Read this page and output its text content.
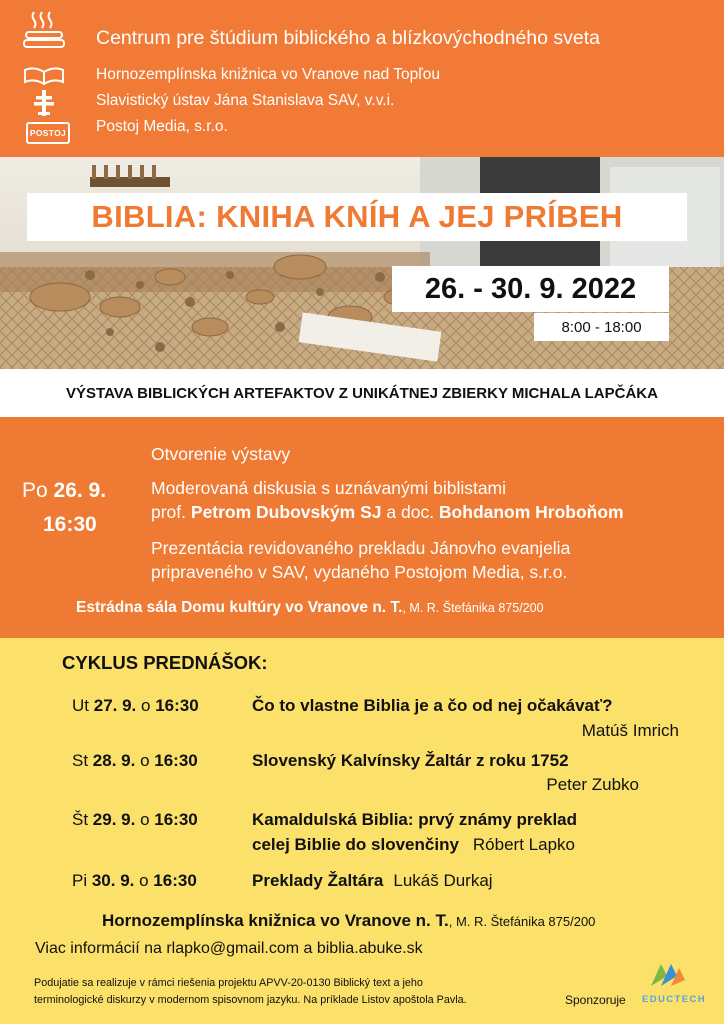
POSTOJ
Centrum pre štúdium biblického a blízkovýchodného sveta
Hornozemplínska knižnica vo Vranove nad Topľou
Slavistický ústav Jána Stanislava SAV, v.v.i.
Postoj Media, s.r.o.
BIBLIA: KNIHA KNÍH A JEJ PRÍBEH
26. - 30. 9. 2022
8:00 - 18:00
VÝSTAVA BIBLICKÝCH ARTEFAKTOV Z UNIKÁTNEJ ZBIERKY MICHALA LAPČÁKA
Po 26. 9.
16:30
Otvorenie výstavy
Moderovaná diskusia s uznávanými biblistami
prof. Petrom Dubovským SJ a doc. Bohdanom Hroboňom
Prezentácia revidovaného prekladu Jánovho evanjelia
pripraveného v SAV, vydaného Postojom Media, s.r.o.
Estrádna sála Domu kultúry vo Vranove n. T., M. R. Štefánika 875/200
CYKLUS PREDNÁŠOK:
Ut 27. 9. o 16:30	Čo to vlastne Biblia je a čo od nej očakávať?
Matúš Imrich
St 28. 9. o 16:30	Slovenský Kalvínsky Žaltár z roku 1752
Peter Zubko
Št 29. 9. o 16:30	Kamaldulská Biblia: prvý známy preklad
celej Biblie do slovenčiny Róbert Lapko
Pi 30. 9. o 16:30	Preklady Žaltára Lukáš Durkaj
Hornozemplínska knižnica vo Vranove n. T., M. R. Štefánika 875/200
Viac informácií na rlapko@gmail.com a biblia.abuke.sk
Podujatie sa realizuje v rámci riešenia projektu APVV-20-0130 Biblický text a jeho
terminologické diskurzy v modernom spisovnom jazyku. Na príklade Listov apoštola Pavla.	Sponzoruje EDUCTECH
